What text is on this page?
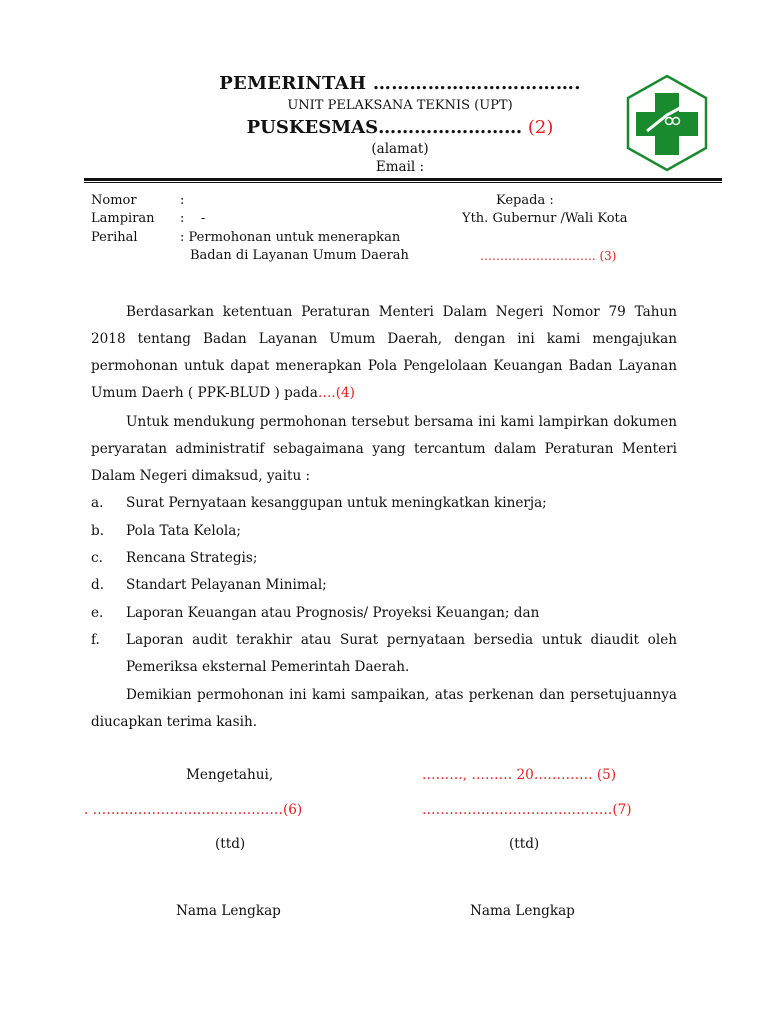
PEMERINTAH …………………………….
UNIT PELAKSANA TEKNIS (UPT)
PUSKESMAS…………………… (2)
(alamat)
Email :
Nomor	:
Lampiran :    -
Perihal	: Permohonan untuk menerapkan
Badan di Layanan Umum Daerah
Kepada :
Yth. Gubernur /Wali Kota
……………………….. (3)

Berdasarkan ketentuan Peraturan Menteri Dalam Negeri Nomor 79 Tahun 2018 tentang Badan Layanan Umum Daerah, dengan ini kami mengajukan permohonan untuk dapat menerapkan Pola Pengelolaan Keuangan Badan Layanan Umum Daerh ( PPK-BLUD ) pada….(4)

Untuk mendukung permohonan tersebut bersama ini kami lampirkan dokumen peryaratan administratif sebagaimana yang tercantum dalam Peraturan Menteri Dalam Negeri dimaksud, yaitu :

a. Surat Pernyataan kesanggupan untuk meningkatkan kinerja;
b. Pola Tata Kelola;
c. Rencana Strategis;
d. Standart Pelayanan Minimal;
e. Laporan Keuangan atau Prognosis/ Proyeksi Keuangan; dan
f. Laporan audit terakhir atau Surat pernyataan bersedia untuk diaudit oleh Pemeriksa eksternal Pemerintah Daerah.

Demikian permohonan ini kami sampaikan, atas perkenan dan persetujuannya diucapkan terima kasih.

Mengetahui,	………, ……… 20…………. (5)
. ……………………………………(6)	……………………………………(7)
(ttd)	(ttd)
Nama Lengkap	Nama Lengkap
